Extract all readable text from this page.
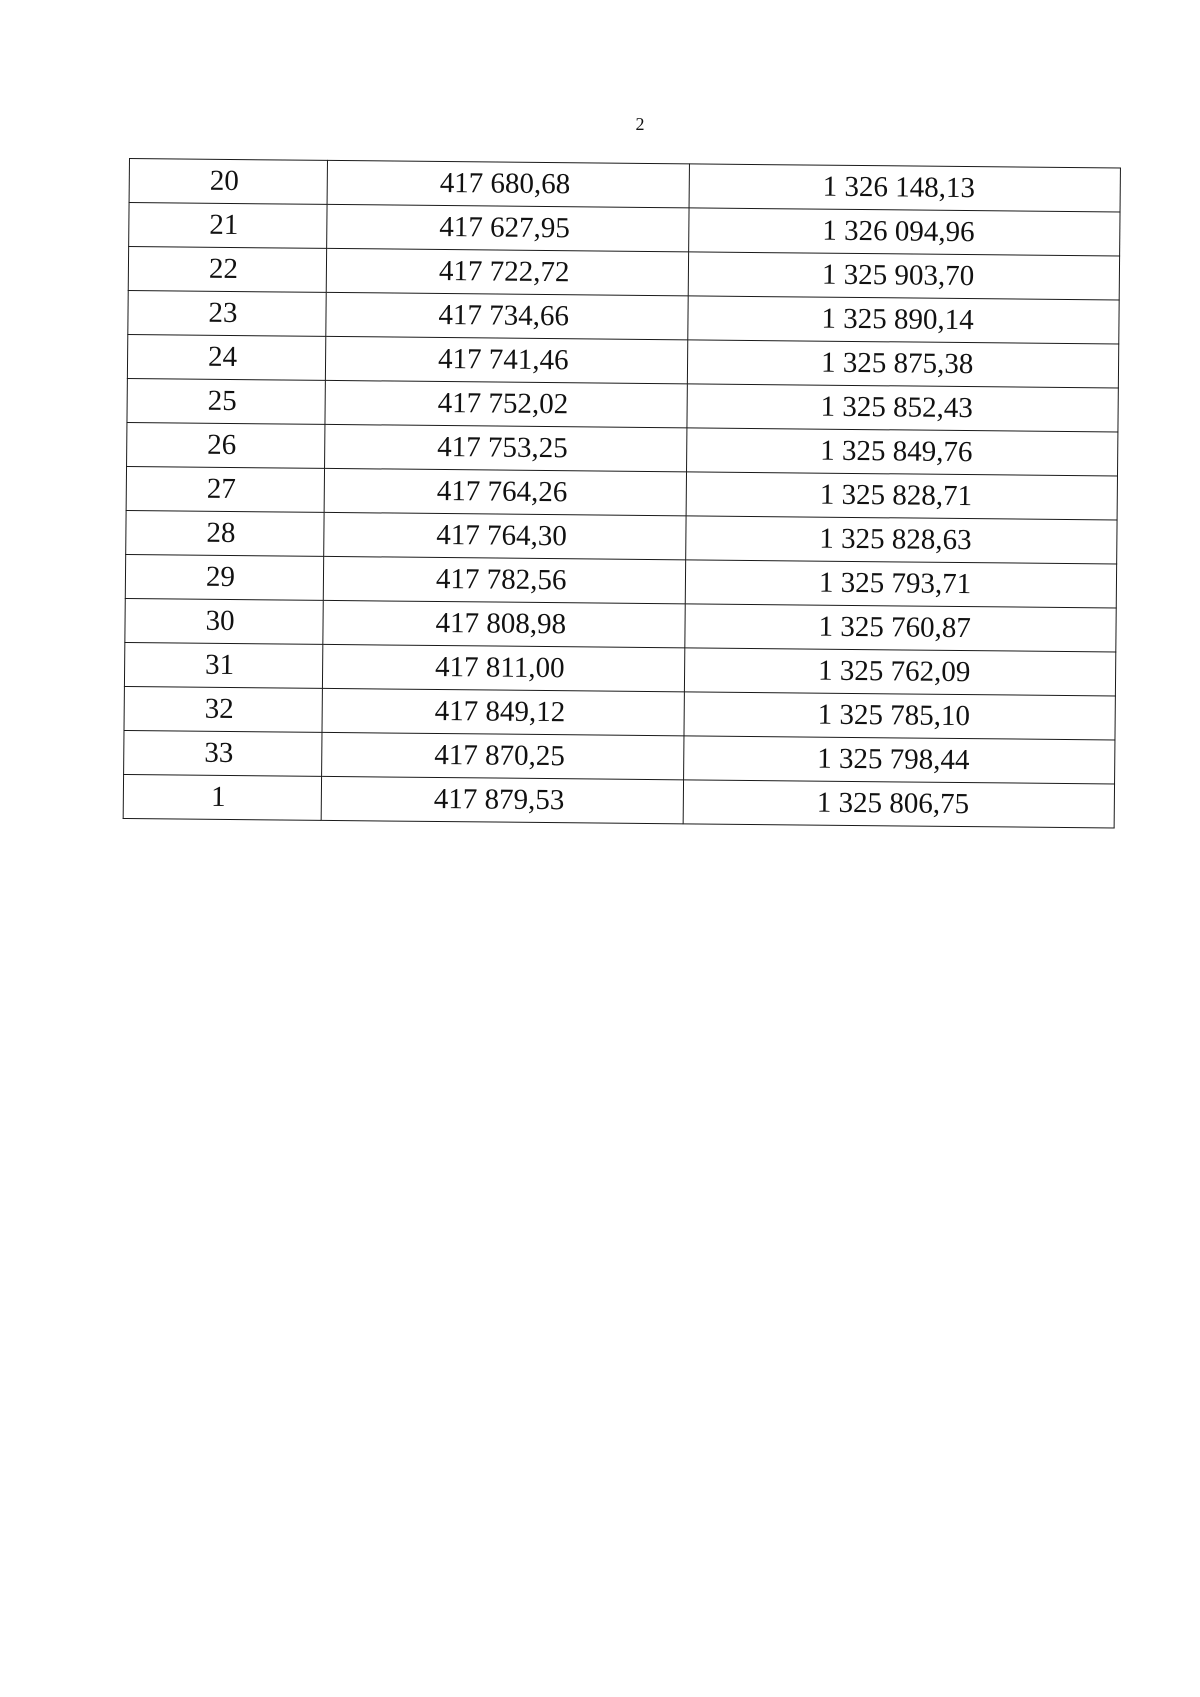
2
20	417 680,68	1 326 148,13
21	417 627,95	1 326 094,96
22	417 722,72	1 325 903,70
23	417 734,66	1 325 890,14
24	417 741,46	1 325 875,38
25	417 752,02	1 325 852,43
26	417 753,25	1 325 849,76
27	417 764,26	1 325 828,71
28	417 764,30	1 325 828,63
29	417 782,56	1 325 793,71
30	417 808,98	1 325 760,87
31	417 811,00	1 325 762,09
32	417 849,12	1 325 785,10
33	417 870,25	1 325 798,44
1	417 879,53	1 325 806,75
